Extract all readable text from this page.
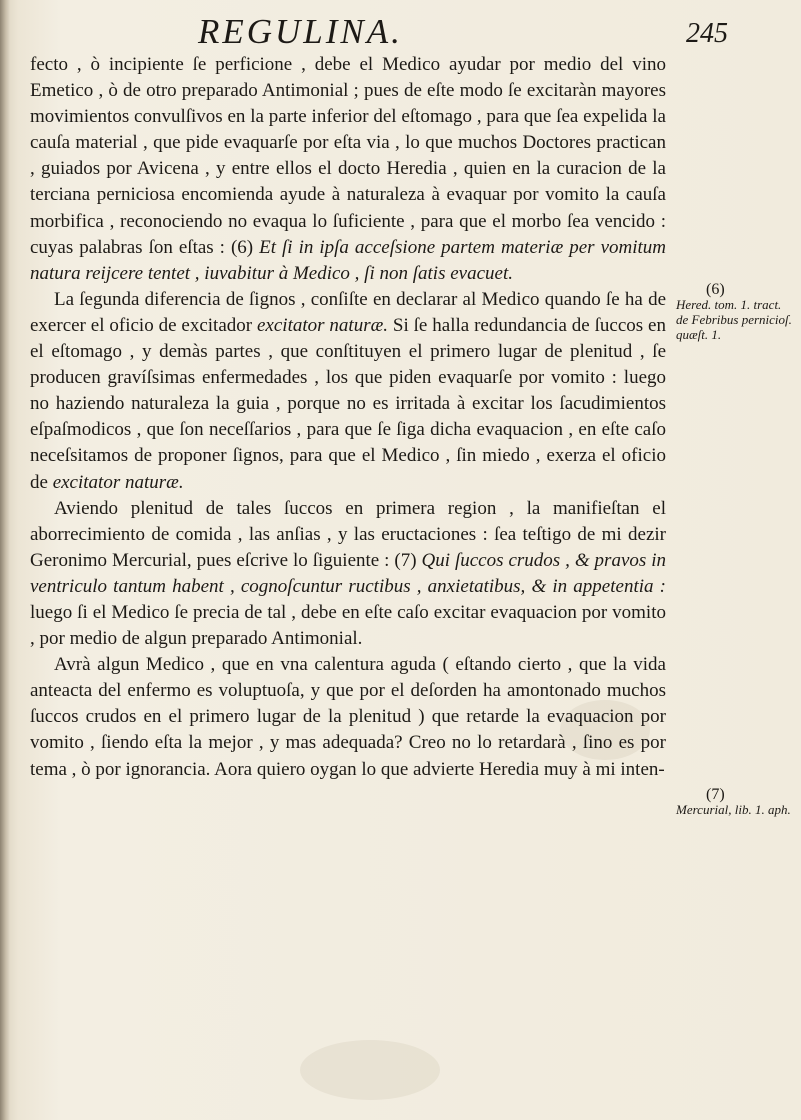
REGULINA.	245

fecto , ò incipiente ſe perficione , debe el Medico ayudar por medio del vino Emetico , ò de otro preparado Antimonial ; pues de eſte modo ſe excitaràn mayores movimientos convulſivos en la parte inferior del eſtomago , para que ſea expelida la cauſa material , que pide evaquarſe por eſta via , lo que muchos Doctores practican , guiados por Avicena , y entre ellos el docto Heredia , quien en la curacion de la terciana perniciosa encomienda ayude à naturaleza à evaquar por vomito la cauſa morbifica , reconociendo no evaqua lo ſuficiente , para que el morbo ſea vencido : cuyas palabras ſon eſtas : (6) Et ſi in ipſa acceſsione partem materiæ per vomitum natura reijcere tentet , iuvabitur à Medico , ſi non ſatis evacuet.

La ſegunda diferencia de ſignos , conſiſte en declarar al Medico quando ſe ha de exercer el oficio de excitador excitator naturæ. Si ſe halla redundancia de ſuccos en el eſtomago , y demàs partes , que conſtituyen el primero lugar de plenitud , ſe producen gravíſsimas enfermedades , los que piden evaquarſe por vomito : luego no haziendo naturaleza la guia , porque no es irritada à excitar los ſacudimientos eſpaſmodicos , que ſon neceſſarios , para que ſe ſiga dicha evaquacion , en eſte caſo neceſsitamos de proponer ſignos, para que el Medico , ſin miedo , exerza el oficio de excitator naturæ.

Aviendo plenitud de tales ſuccos en primera region , la manifieſtan el aborrecimiento de comida , las anſias , y las eructaciones : ſea teſtigo de mi dezir Geronimo Mercurial, pues eſcrive lo ſiguiente : (7) Qui ſuccos crudos , & pravos in ventriculo tantum habent , cognoſcuntur ructibus , anxietatibus, & in appetentia : luego ſi el Medico ſe precia de tal , debe en eſte caſo excitar evaquacion por vomito , por medio de algun preparado Antimonial.

Avrà algun Medico , que en vna calentura aguda ( eſtando cierto , que la vida anteacta del enfermo es voluptuoſa, y que por el deſorden ha amontonado muchos ſuccos crudos en el primero lugar de la plenitud ) que retarde la evaquacion por vomito , ſiendo eſta la mejor , y mas adequada? Creo no lo retardarà , ſino es por tema , ò por ignorancia. Aora quiero oygan lo que advierte Heredia muy à mi inten-

(6)
Hered. tom. 1. tract. de Febribus pernicioſ. quæſt. 1.
(7)
Mercurial, lib. 1. aph.
